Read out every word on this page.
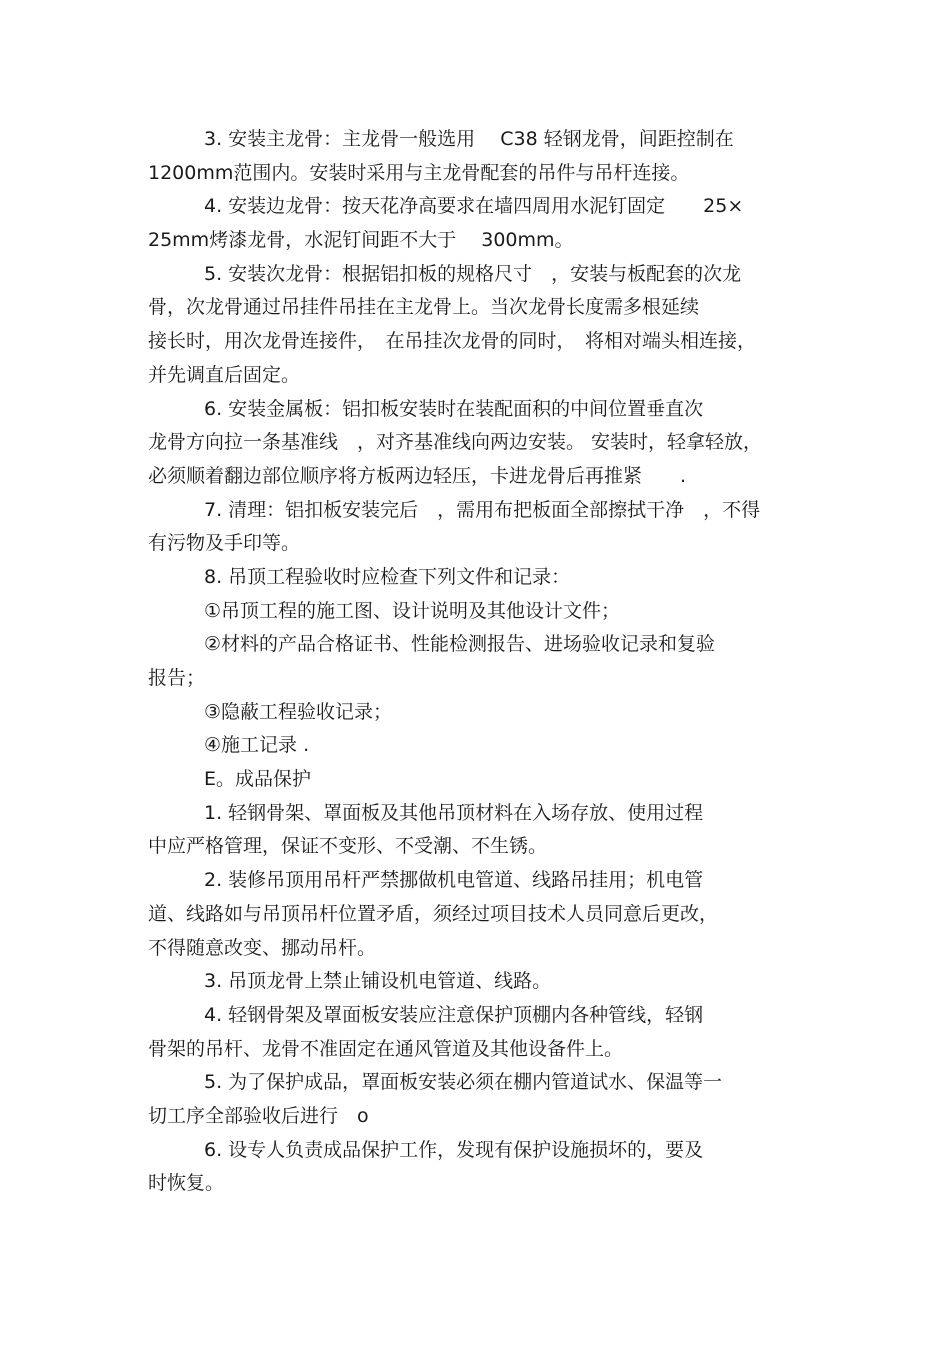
3. 安装主龙骨：主龙骨一般选用　 C38 轻钢龙骨，间距控制在
1200mm范围内。安装时采用与主龙骨配套的吊件与吊杆连接。
4. 安装边龙骨：按天花净高要求在墙四周用水泥钉固定　　25×
25mm烤漆龙骨，水泥钉间距不大于　 300mm。
5. 安装次龙骨：根据铝扣板的规格尺寸　，安装与板配套的次龙
骨，次龙骨通过吊挂件吊挂在主龙骨上。当次龙骨长度需多根延续
接长时，用次龙骨连接件，　在吊挂次龙骨的同时，　将相对端头相连接，
并先调直后固定。
6. 安装金属板：铝扣板安装时在装配面积的中间位置垂直次
龙骨方向拉一条基准线　，对齐基准线向两边安装。 安装时，轻拿轻放，
必须顺着翻边部位顺序将方板两边轻压，卡进龙骨后再推紧　　.
7. 清理：铝扣板安装完后　，需用布把板面全部擦拭干净　，不得
有污物及手印等。
8. 吊顶工程验收时应检查下列文件和记录：
①吊顶工程的施工图、设计说明及其他设计文件；
②材料的产品合格证书、性能检测报告、进场验收记录和复验
报告；
③隐蔽工程验收记录；
④施工记录 .
E。成品保护
1. 轻钢骨架、罩面板及其他吊顶材料在入场存放、使用过程
中应严格管理，保证不变形、不受潮、不生锈。
2. 装修吊顶用吊杆严禁挪做机电管道、线路吊挂用；机电管
道、线路如与吊顶吊杆位置矛盾，须经过项目技术人员同意后更改，
不得随意改变、挪动吊杆。
3. 吊顶龙骨上禁止铺设机电管道、线路。
4. 轻钢骨架及罩面板安装应注意保护顶棚内各种管线，轻钢
骨架的吊杆、龙骨不准固定在通风管道及其他设备件上。
5. 为了保护成品，罩面板安装必须在棚内管道试水、保温等一
切工序全部验收后进行　o
6. 设专人负责成品保护工作，发现有保护设施损坏的，要及
时恢复。
